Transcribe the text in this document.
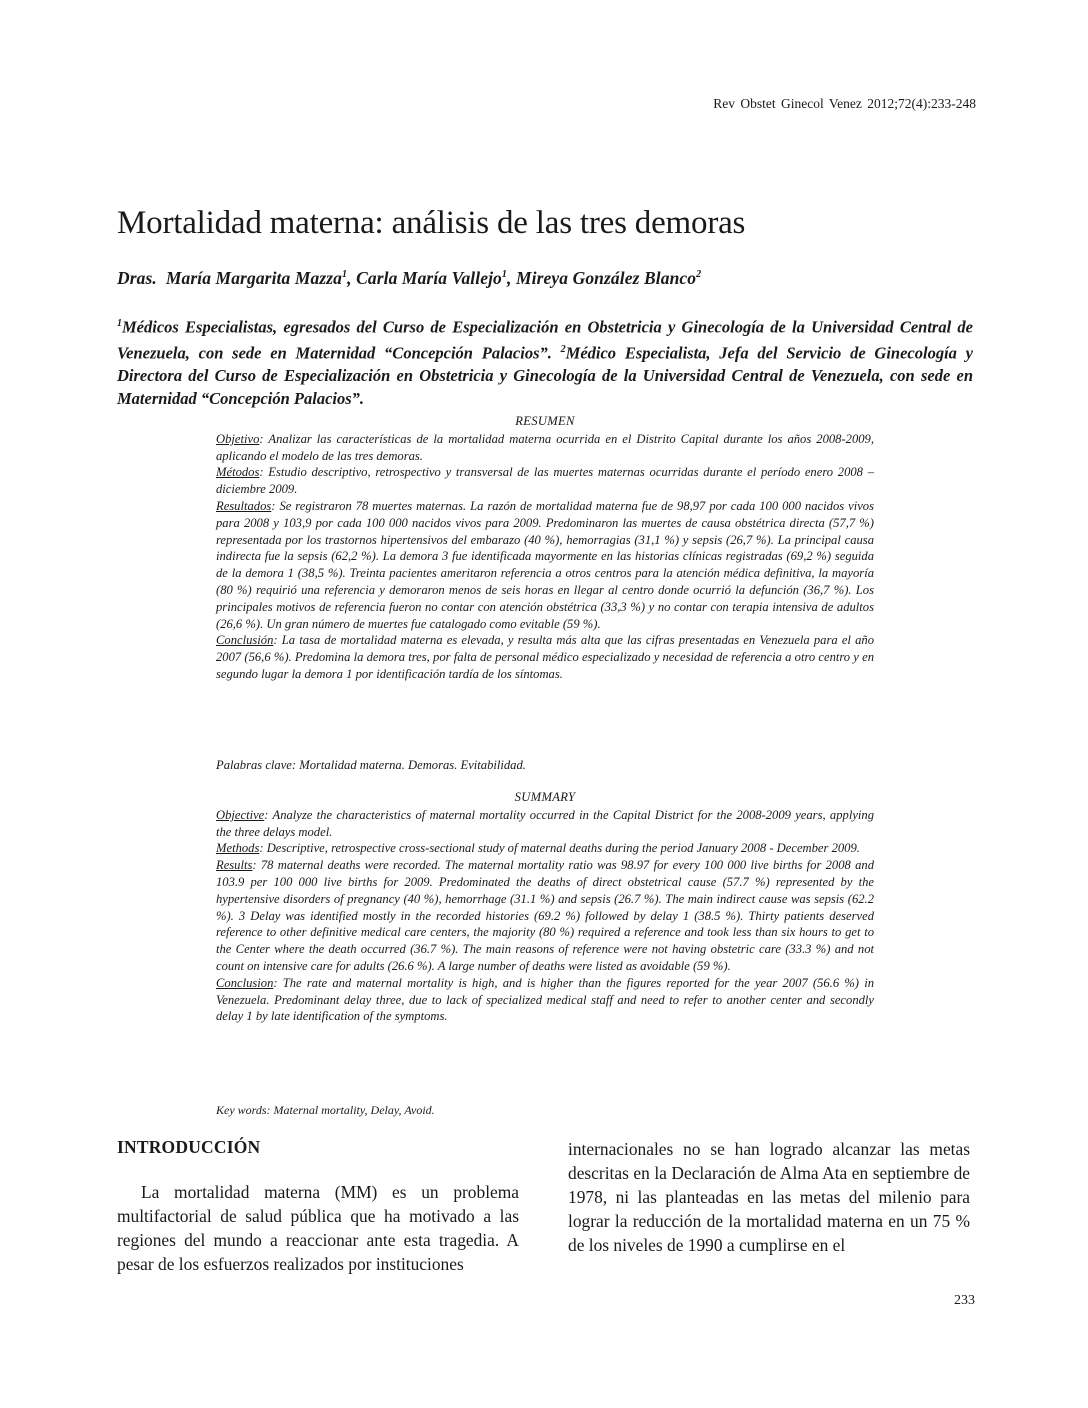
Rev Obstet Ginecol Venez 2012;72(4):233-248
Mortalidad materna: análisis de las tres demoras
Dras. María Margarita Mazza$^1$, Carla María Vallejo$^1$, Mireya González Blanco$^2$
$^1$Médicos Especialistas, egresados del Curso de Especialización en Obstetricia y Ginecología de la Universidad Central de Venezuela, con sede en Maternidad “Concepción Palacios”. $^2$Médico Especialista, Jefa del Servicio de Ginecología y Directora del Curso de Especialización en Obstetricia y Ginecología de la Universidad Central de Venezuela, con sede en Maternidad “Concepción Palacios”.
RESUMEN

Objetivo: Analizar las características de la mortalidad materna ocurrida en el Distrito Capital durante los años 2008-2009, aplicando el modelo de las tres demoras.

Métodos: Estudio descriptivo, retrospectivo y transversal de las muertes maternas ocurridas durante el período enero 2008 – diciembre 2009.

Resultados: Se registraron 78 muertes maternas. La razón de mortalidad materna fue de 98,97 por cada 100 000 nacidos vivos para 2008 y 103,9 por cada 100 000 nacidos vivos para 2009. Predominaron las muertes de causa obstétrica directa (57,7 %) representada por los trastornos hipertensivos del embarazo (40 %), hemorragias (31,1 %) y sepsis (26,7 %). La principal causa indirecta fue la sepsis (62,2 %). La demora 3 fue identificada mayormente en las historias clínicas registradas (69,2 %) seguida de la demora 1 (38,5 %). Treinta pacientes ameritaron referencia a otros centros para la atención médica definitiva, la mayoría (80 %) requirió una referencia y demoraron menos de seis horas en llegar al centro donde ocurrió la defunción (36,7 %). Los principales motivos de referencia fueron no contar con atención obstétrica (33,3 %) y no contar con terapia intensiva de adultos (26,6 %). Un gran número de muertes fue catalogado como evitable (59 %).

Conclusión: La tasa de mortalidad materna es elevada, y resulta más alta que las cifras presentadas en Venezuela para el año 2007 (56,6 %). Predomina la demora tres, por falta de personal médico especializado y necesidad de referencia a otro centro y en segundo lugar la demora 1 por identificación tardía de los síntomas.

Palabras clave: Mortalidad materna. Demoras. Evitabilidad.
SUMMARY

Objective: Analyze the characteristics of maternal mortality occurred in the Capital District for the 2008-2009 years, applying the three delays model.

Methods: Descriptive, retrospective cross-sectional study of maternal deaths during the period January 2008 - December 2009.

Results: 78 maternal deaths were recorded. The maternal mortality ratio was 98.97 for every 100 000 live births for 2008 and 103.9 per 100 000 live births for 2009. Predominated the deaths of direct obstetrical cause (57.7 %) represented by the hypertensive disorders of pregnancy (40 %), hemorrhage (31.1 %) and sepsis (26.7 %). The main indirect cause was sepsis (62.2 %). 3 Delay was identified mostly in the recorded histories (69.2 %) followed by delay 1 (38.5 %). Thirty patients deserved reference to other definitive medical care centers, the majority (80 %) required a reference and took less than six hours to get to the Center where the death occurred (36.7 %). The main reasons of reference were not having obstetric care (33.3 %) and not count on intensive care for adults (26.6 %). A large number of deaths were listed as avoidable (59 %).

Conclusion: The rate and maternal mortality is high, and is higher than the figures reported for the year 2007 (56.6 %) in Venezuela. Predominant delay three, due to lack of specialized medical staff and need to refer to another center and secondly delay 1 by late identification of the symptoms.

Key words: Maternal mortality, Delay, Avoid.
INTRODUCCIÓN

La mortalidad materna (MM) es un problema multifactorial de salud pública que ha motivado a las regiones del mundo a reaccionar ante esta tragedia. A pesar de los esfuerzos realizados por instituciones

internacionales no se han logrado alcanzar las metas descritas en la Declaración de Alma Ata en septiembre de 1978, ni las planteadas en las metas del milenio para lograr la reducción de la mortalidad materna en un 75 % de los niveles de 1990 a cumplirse en el

233
